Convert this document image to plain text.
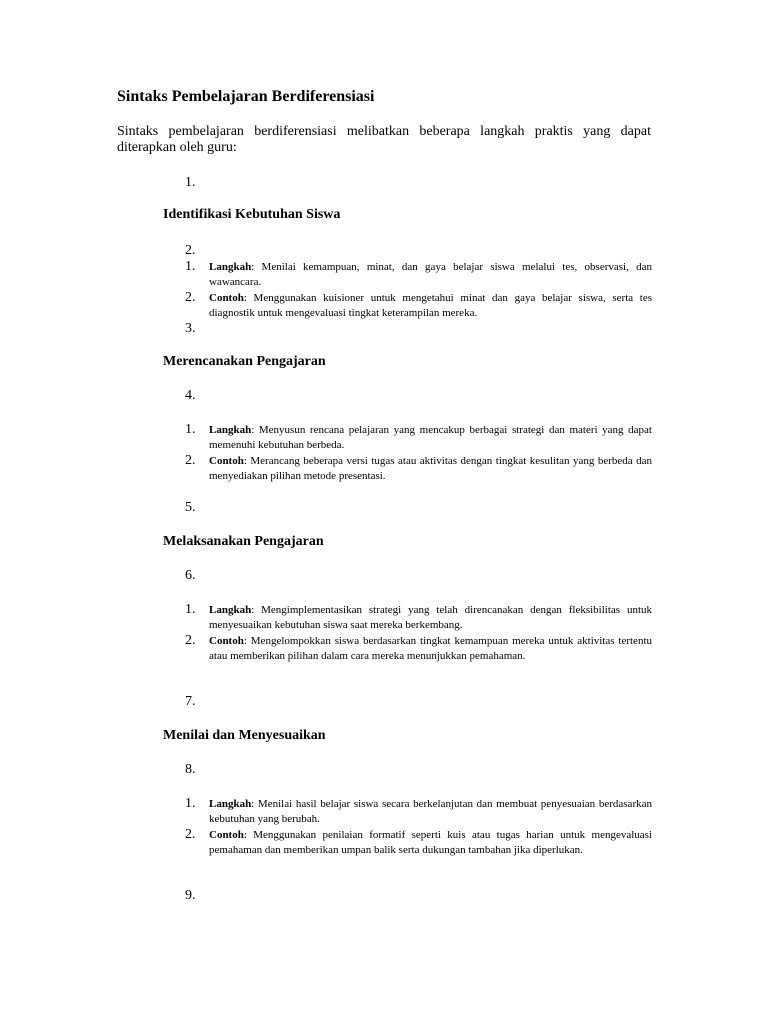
Sintaks Pembelajaran Berdiferensiasi

Sintaks pembelajaran berdiferensiasi melibatkan beberapa langkah praktis yang dapat diterapkan oleh guru:

1.
Identifikasi Kebutuhan Siswa
2.
1. Langkah: Menilai kemampuan, minat, dan gaya belajar siswa melalui tes, observasi, dan wawancara.
2. Contoh: Menggunakan kuisioner untuk mengetahui minat dan gaya belajar siswa, serta tes diagnostik untuk mengevaluasi tingkat keterampilan mereka.
3.
Merencanakan Pengajaran
4.
1. Langkah: Menyusun rencana pelajaran yang mencakup berbagai strategi dan materi yang dapat memenuhi kebutuhan berbeda.
2. Contoh: Merancang beberapa versi tugas atau aktivitas dengan tingkat kesulitan yang berbeda dan menyediakan pilihan metode presentasi.
5.
Melaksanakan Pengajaran
6.
1. Langkah: Mengimplementasikan strategi yang telah direncanakan dengan fleksibilitas untuk menyesuaikan kebutuhan siswa saat mereka berkembang.
2. Contoh: Mengelompokkan siswa berdasarkan tingkat kemampuan mereka untuk aktivitas tertentu atau memberikan pilihan dalam cara mereka menunjukkan pemahaman.
7.
Menilai dan Menyesuaikan
8.
1. Langkah: Menilai hasil belajar siswa secara berkelanjutan dan membuat penyesuaian berdasarkan kebutuhan yang berubah.
2. Contoh: Menggunakan penilaian formatif seperti kuis atau tugas harian untuk mengevaluasi pemahaman dan memberikan umpan balik serta dukungan tambahan jika diperlukan.
9.
